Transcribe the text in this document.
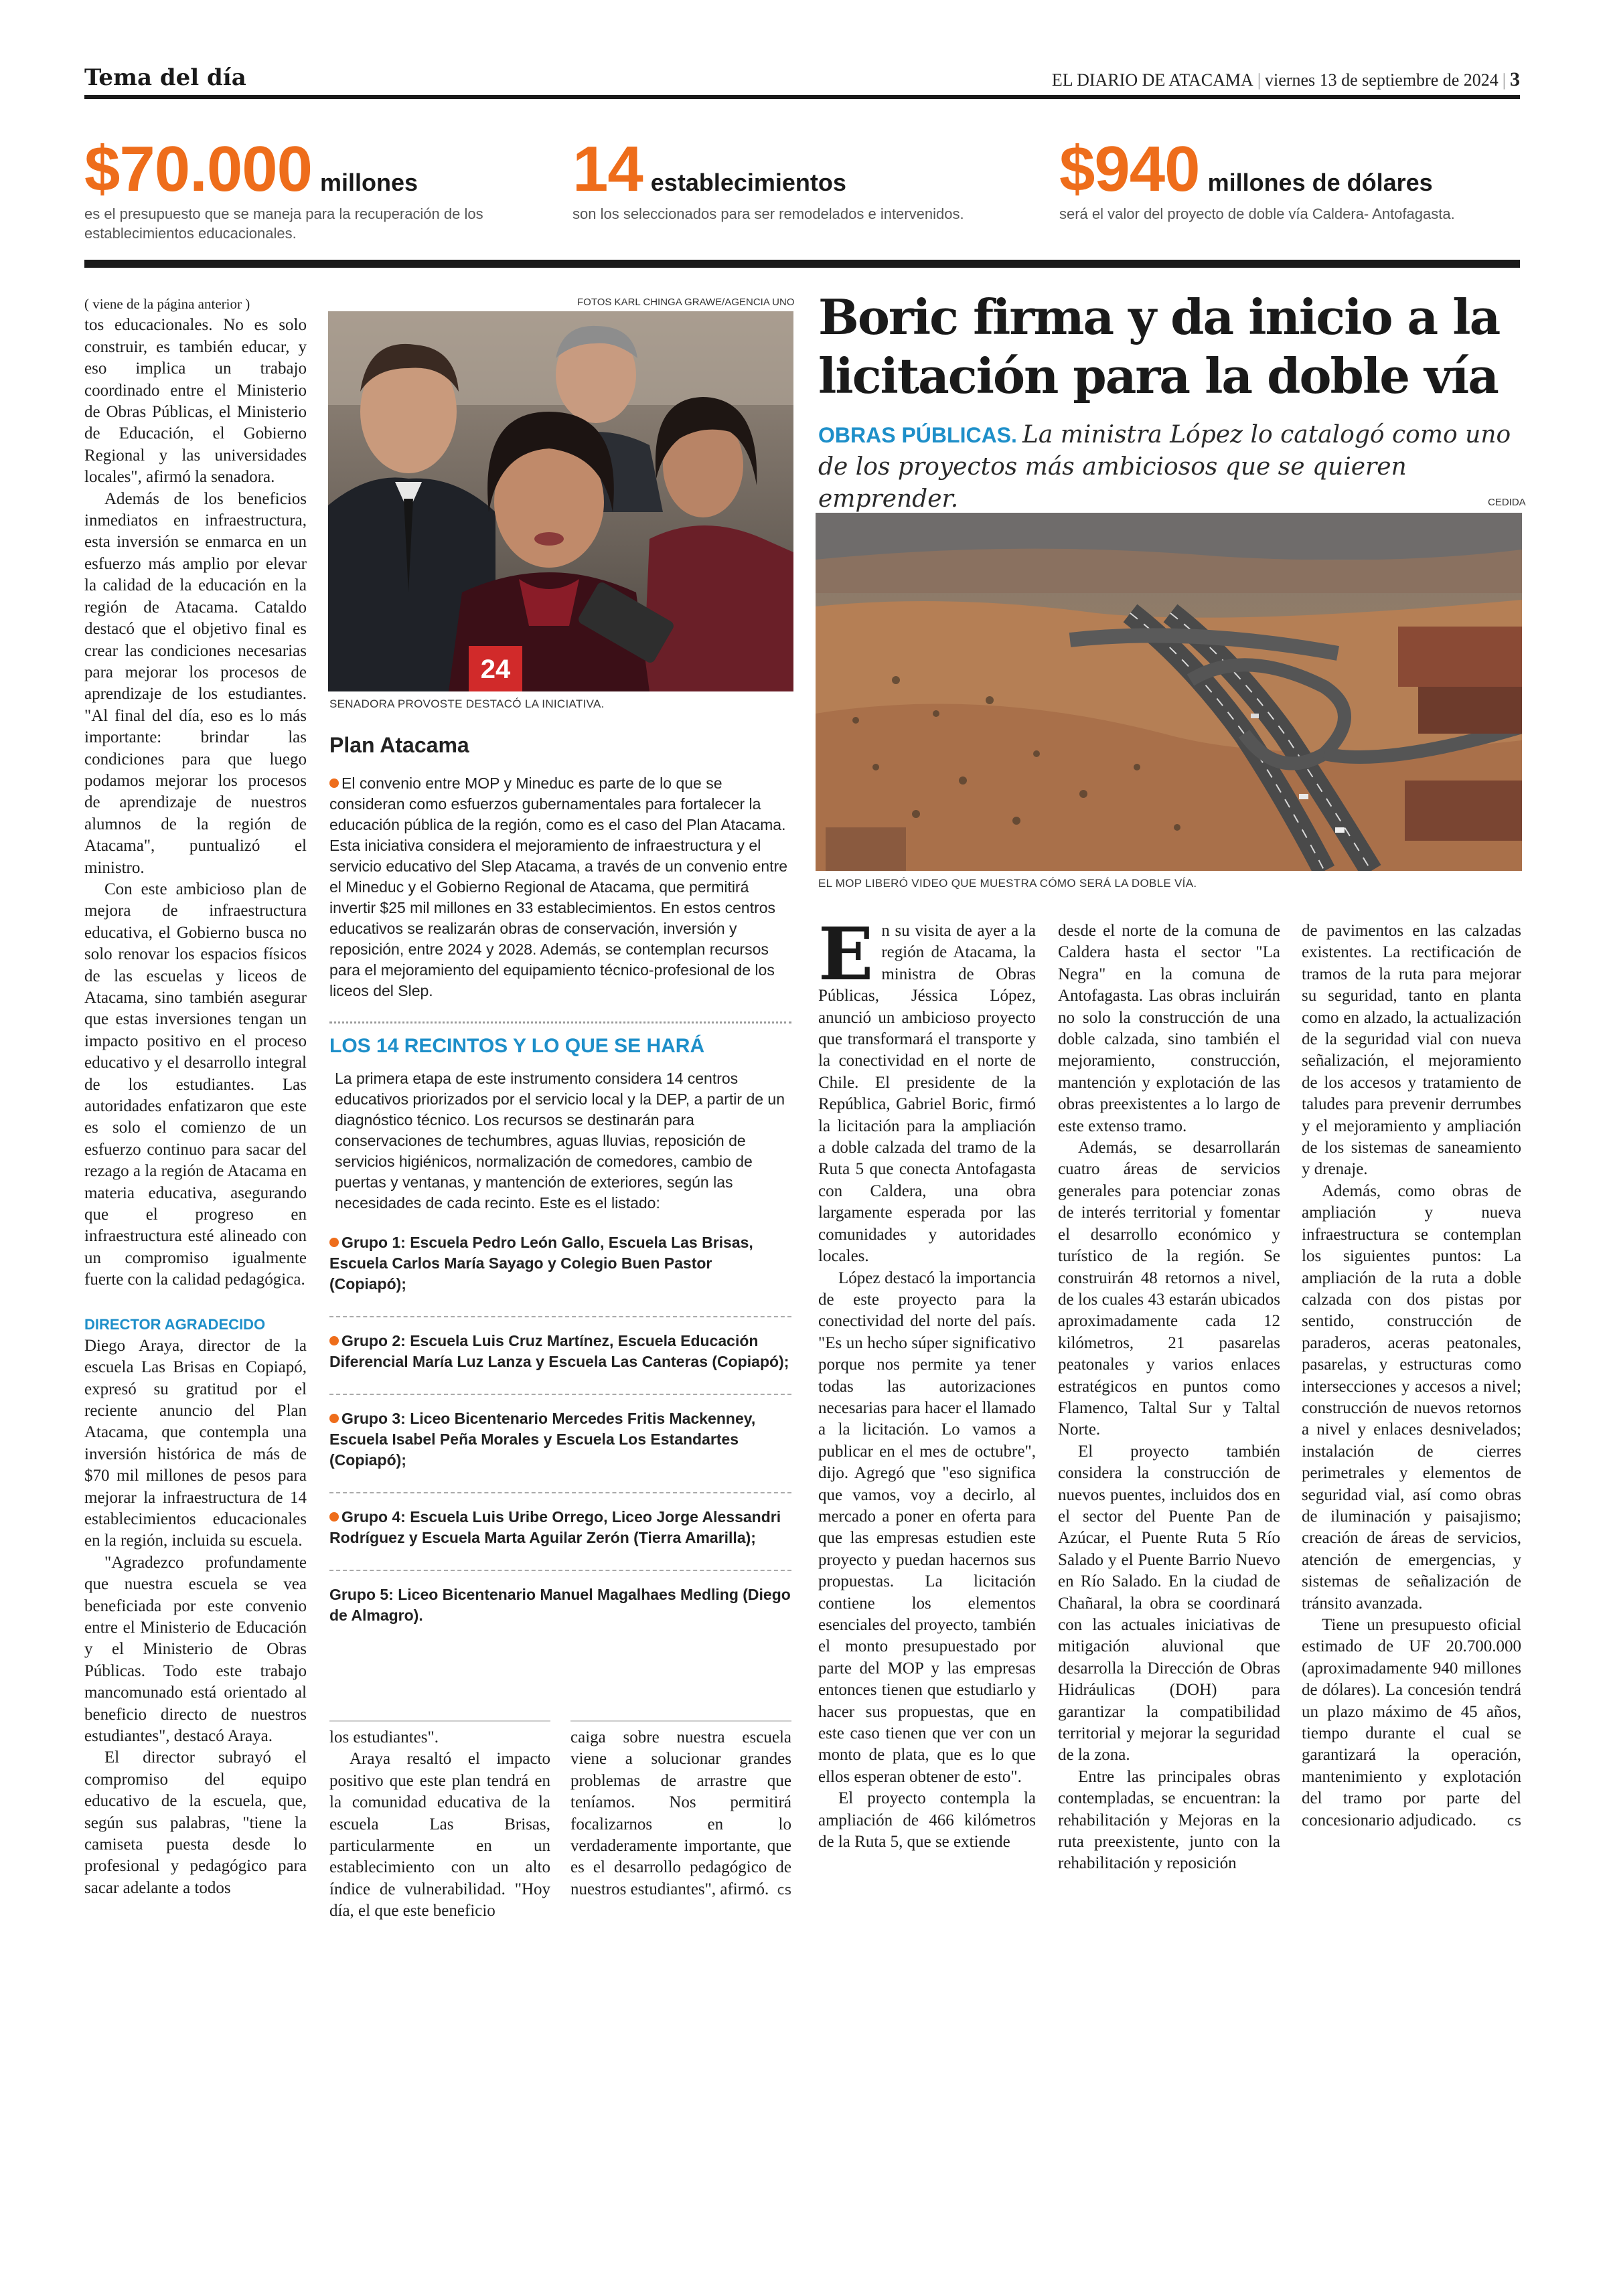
Tema del día	EL DIARIO DE ATACAMA | viernes 13 de septiembre de 2024 | 3
$70.000 millones
es el presupuesto que se maneja para la recuperación de los establecimientos educacionales.
14 establecimientos
son los seleccionados para ser remodelados e intervenidos.
$940 millones de dólares
será el valor del proyecto de doble vía Caldera- Antofagasta.

( viene de la página anterior )

tos educacionales. No es solo construir, es también educar, y eso implica un trabajo coordinado entre el Ministerio de Obras Públicas, el Ministerio de Educación, el Gobierno Regional y las universidades locales", afirmó la senadora.

Además de los beneficios inmediatos en infraestructura, esta inversión se enmarca en un esfuerzo más amplio por elevar la calidad de la educación en la región de Atacama. Cataldo destacó que el objetivo final es crear las condiciones necesarias para mejorar los procesos de aprendizaje de los estudiantes. "Al final del día, eso es lo más importante: brindar las condiciones para que luego podamos mejorar los procesos de aprendizaje de nuestros alumnos de la región de Atacama", puntualizó el ministro.

Con este ambicioso plan de mejora de infraestructura educativa, el Gobierno busca no solo renovar los espacios físicos de las escuelas y liceos de Atacama, sino también asegurar que estas inversiones tengan un impacto positivo en el proceso educativo y el desarrollo integral de los estudiantes. Las autoridades enfatizaron que este es solo el comienzo de un esfuerzo continuo para sacar del rezago a la región de Atacama en materia educativa, asegurando que el progreso en infraestructura esté alineado con un compromiso igualmente fuerte con la calidad pedagógica.

DIRECTOR AGRADECIDO

Diego Araya, director de la escuela Las Brisas en Copiapó, expresó su gratitud por el reciente anuncio del Plan Atacama, que contempla una inversión histórica de más de $70 mil millones de pesos para mejorar la infraestructura de 14 establecimientos educacionales en la región, incluida su escuela.

"Agradezco profundamente que nuestra escuela se vea beneficiada por este convenio entre el Ministerio de Educación y el Ministerio de Obras Públicas. Todo este trabajo mancomunado está orientado al beneficio directo de nuestros estudiantes", destacó Araya.

El director subrayó el compromiso del equipo educativo de la escuela, que, según sus palabras, "tiene la camiseta puesta desde lo profesional y pedagógico para sacar adelante a todos

FOTOS KARL CHINGA GRAWE/AGENCIA UNO
24
SENADORA PROVOSTE DESTACÓ LA INICIATIVA.
Plan Atacama

El convenio entre MOP y Mineduc es parte de lo que se consideran como esfuerzos gubernamentales para fortalecer la educación pública de la región, como es el caso del Plan Atacama. Esta iniciativa considera el mejoramiento de infraestructura y el servicio educativo del Slep Atacama, a través de un convenio entre el Mineduc y el Gobierno Regional de Atacama, que permitirá invertir $25 mil millones en 33 establecimientos. En estos centros educativos se realizarán obras de conservación, inversión y reposición, entre 2024 y 2028. Además, se contemplan recursos para el mejoramiento del equipamiento técnico-profesional de los liceos del Slep.

LOS 14 RECINTOS Y LO QUE SE HARÁ

La primera etapa de este instrumento considera 14 centros educativos priorizados por el servicio local y la DEP, a partir de un diagnóstico técnico. Los recursos se destinarán para conservaciones de techumbres, aguas lluvias, reposición de servicios higiénicos, normalización de comedores, cambio de puertas y ventanas, y mantención de exteriores, según las necesidades de cada recinto. Este es el listado:

Grupo 1: Escuela Pedro León Gallo, Escuela Las Brisas, Escuela Carlos María Sayago y Colegio Buen Pastor (Copiapó);
Grupo 2: Escuela Luis Cruz Martínez, Escuela Educación Diferencial María Luz Lanza y Escuela Las Canteras (Copiapó);
Grupo 3: Liceo Bicentenario Mercedes Fritis Mackenney, Escuela Isabel Peña Morales y Escuela Los Estandartes (Copiapó);
Grupo 4: Escuela Luis Uribe Orrego, Liceo Jorge Alessandri Rodríguez y Escuela Marta Aguilar Zerón (Tierra Amarilla);
Grupo 5: Liceo Bicentenario Manuel Magalhaes Medling (Diego de Almagro).

los estudiantes".

Araya resaltó el impacto positivo que este plan tendrá en la comunidad educativa de la escuela Las Brisas, particularmente en un establecimiento con un alto índice de vulnerabilidad. "Hoy día, el que este beneficio

caiga sobre nuestra escuela viene a solucionar grandes problemas de arrastre que teníamos. Nos permitirá focalizarnos en lo verdaderamente importante, que es el desarrollo pedagógico de nuestros estudiantes", afirmó. cs

Boric firma y da inicio a la licitación para la doble vía
OBRAS PÚBLICAS. La ministra López lo catalogó como uno de los proyectos más ambiciosos que se quieren emprender.	CEDIDA
EL MOP LIBERÓ VIDEO QUE MUESTRA CÓMO SERÁ LA DOBLE VÍA.

En su visita de ayer a la región de Atacama, la ministra de Obras Públicas, Jéssica López, anunció un ambicioso proyecto que transformará el transporte y la conectividad en el norte de Chile. El presidente de la República, Gabriel Boric, firmó la licitación para la ampliación a doble calzada del tramo de la Ruta 5 que conecta Antofagasta con Caldera, una obra largamente esperada por las comunidades y autoridades locales.

López destacó la importancia de este proyecto para la conectividad del norte del país. "Es un hecho súper significativo porque nos permite ya tener todas las autorizaciones necesarias para hacer el llamado a la licitación. Lo vamos a publicar en el mes de octubre", dijo. Agregó que "eso significa que vamos, voy a decirlo, al mercado a poner en oferta para que las empresas estudien este proyecto y puedan hacernos sus propuestas. La licitación contiene los elementos esenciales del proyecto, también el monto presupuestado por parte del MOP y las empresas entonces tienen que estudiarlo y hacer sus propuestas, que en este caso tienen que ver con un monto de plata, que es lo que ellos esperan obtener de esto".

El proyecto contempla la ampliación de 466 kilómetros de la Ruta 5, que se extiende

desde el norte de la comuna de Caldera hasta el sector "La Negra" en la comuna de Antofagasta. Las obras incluirán no solo la construcción de una doble calzada, sino también el mejoramiento, construcción, mantención y explotación de las obras preexistentes a lo largo de este extenso tramo.

Además, se desarrollarán cuatro áreas de servicios generales para potenciar zonas de interés territorial y fomentar el desarrollo económico y turístico de la región. Se construirán 48 retornos a nivel, de los cuales 43 estarán ubicados aproximadamente cada 12 kilómetros, 21 pasarelas peatonales y varios enlaces estratégicos en puntos como Flamenco, Taltal Sur y Taltal Norte.

El proyecto también considera la construcción de nuevos puentes, incluidos dos en el sector del Puente Pan de Azúcar, el Puente Ruta 5 Río Salado y el Puente Barrio Nuevo en Río Salado. En la ciudad de Chañaral, la obra se coordinará con las actuales iniciativas de mitigación aluvional que desarrolla la Dirección de Obras Hidráulicas (DOH) para garantizar la compatibilidad territorial y mejorar la seguridad de la zona.

Entre las principales obras contempladas, se encuentran: la rehabilitación y Mejoras en la ruta preexistente, junto con la rehabilitación y reposición

de pavimentos en las calzadas existentes. La rectificación de tramos de la ruta para mejorar su seguridad, tanto en planta como en alzado, la actualización de la seguridad vial con nueva señalización, el mejoramiento de los accesos y tratamiento de taludes para prevenir derrumbes y el mejoramiento y ampliación de los sistemas de saneamiento y drenaje.

Además, como obras de ampliación y nueva infraestructura se contemplan los siguientes puntos: La ampliación de la ruta a doble calzada con dos pistas por sentido, construcción de paraderos, aceras peatonales, pasarelas, y estructuras como intersecciones y accesos a nivel; construcción de nuevos retornos a nivel y enlaces desnivelados; instalación de cierres perimetrales y elementos de seguridad vial, así como obras de iluminación y paisajismo; creación de áreas de servicios, atención de emergencias, y sistemas de señalización de tránsito avanzada.

Tiene un presupuesto oficial estimado de UF 20.700.000 (aproximadamente 940 millones de dólares). La concesión tendrá un plazo máximo de 45 años, tiempo durante el cual se garantizará la operación, mantenimiento y explotación del tramo por parte del concesionario adjudicado.	cs
